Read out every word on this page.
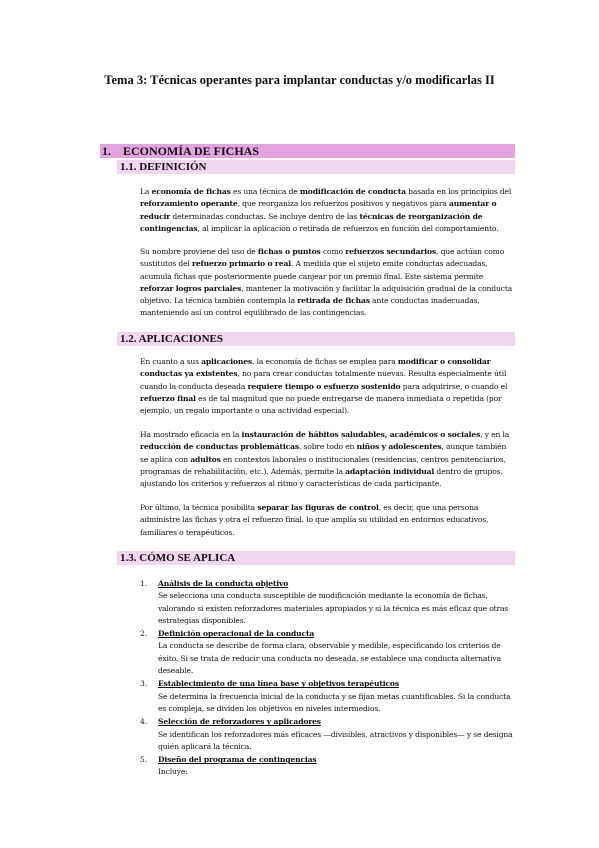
Tema 3: Técnicas operantes para implantar conductas y/o modificarlas II
1. ECONOMÍA DE FICHAS
1.1. DEFINICIÓN

La economía de fichas es una técnica de modificación de conducta basada en los principios del reforzamiento operante, que reorganiza los refuerzos positivos y negativos para aumentar o reducir determinadas conductas. Se incluye dentro de las técnicas de reorganización de contingencias, al implicar la aplicación o retirada de refuerzos en función del comportamiento.

Su nombre proviene del uso de fichas o puntos como refuerzos secundarios, que actúan como sustitutos del refuerzo primario o real. A medida que el sujeto emite conductas adecuadas, acumula fichas que posteriormente puede canjear por un premio final. Este sistema permite reforzar logros parciales, mantener la motivación y facilitar la adquisición gradual de la conducta objetivo. La técnica también contempla la retirada de fichas ante conductas inadecuadas, manteniendo así un control equilibrado de las contingencias.

1.2. APLICACIONES

En cuanto a sus aplicaciones, la economía de fichas se emplea para modificar o consolidar conductas ya existentes, no para crear conductas totalmente nuevas. Resulta especialmente útil cuando la conducta deseada requiere tiempo o esfuerzo sostenido para adquirirse, o cuando el refuerzo final es de tal magnitud que no puede entregarse de manera inmediata o repetida (por ejemplo, un regalo importante o una actividad especial).

Ha mostrado eficacia en la instauración de hábitos saludables, académicos o sociales, y en la reducción de conductas problemáticas, sobre todo en niños y adolescentes, aunque también se aplica con adultos en contextos laborales o institucionales (residencias, centros penitenciarios, programas de rehabilitación, etc.). Además, permite la adaptación individual dentro de grupos, ajustando los criterios y refuerzos al ritmo y características de cada participante.

Por último, la técnica posibilita separar las figuras de control, es decir, que una persona administre las fichas y otra el refuerzo final, lo que amplía su utilidad en entornos educativos, familiares o terapéuticos.

1.3. CÓMO SE APLICA
1. Análisis de la conducta objetivo
Se selecciona una conducta susceptible de modificación mediante la economía de fichas, valorando si existen reforzadores materiales apropiados y si la técnica es más eficaz que otras estrategias disponibles.
2. Definición operacional de la conducta
La conducta se describe de forma clara, observable y medible, especificando los criterios de éxito. Si se trata de reducir una conducta no deseada, se establece una conducta alternativa deseable.
3. Establecimiento de una línea base y objetivos terapéuticos
Se determina la frecuencia inicial de la conducta y se fijan metas cuantificables. Si la conducta es compleja, se dividen los objetivos en niveles intermedios.
4. Selección de reforzadores y aplicadores
Se identifican los reforzadores más eficaces —divisibles, atractivos y disponibles— y se designa quién aplicará la técnica.
5. Diseño del programa de contingencias
Incluye:
